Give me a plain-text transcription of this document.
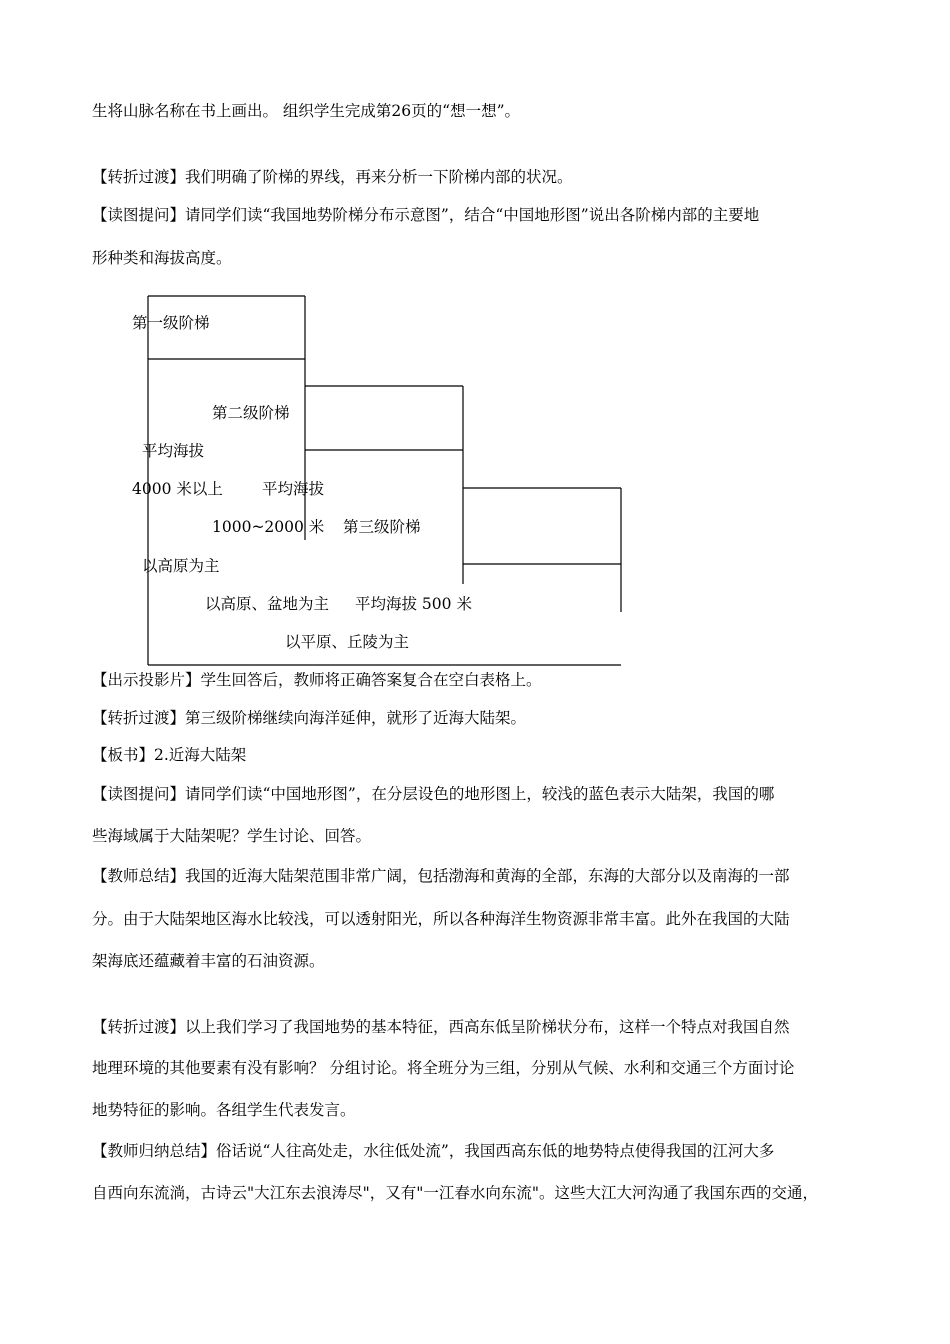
生将山脉名称在书上画出。 组织学生完成第26页的“想一想”。
【转折过渡】我们明确了阶梯的界线，再来分析一下阶梯内部的状况。
【读图提问】请同学们读“我国地势阶梯分布示意图”，结合“中国地形图”说出各阶梯内部的主要地
形种类和海拔高度。
第一级阶梯
第二级阶梯
平均海拔
4000 米以上	平均海拔
1000~2000 米 第三级阶梯
以高原为主
以高原、盆地为主 平均海拔 500 米
以平原、丘陵为主
【出示投影片】学生回答后，教师将正确答案复合在空白表格上。
【转折过渡】第三级阶梯继续向海洋延伸，就形了近海大陆架。
【板书】2.近海大陆架
【读图提问】请同学们读“中国地形图”，在分层设色的地形图上，较浅的蓝色表示大陆架，我国的哪
些海域属于大陆架呢？学生讨论、回答。
【教师总结】我国的近海大陆架范围非常广阔，包括渤海和黄海的全部，东海的大部分以及南海的一部
分。由于大陆架地区海水比较浅，可以透射阳光，所以各种海洋生物资源非常丰富。此外在我国的大陆
架海底还蕴藏着丰富的石油资源。
【转折过渡】以上我们学习了我国地势的基本特征，西高东低呈阶梯状分布，这样一个特点对我国自然
地理环境的其他要素有没有影响？ 分组讨论。将全班分为三组，分别从气候、水利和交通三个方面讨论
地势特征的影响。各组学生代表发言。
【教师归纳总结】俗话说“人往高处走，水往低处流”，我国西高东低的地势特点使得我国的江河大多
自西向东流淌，古诗云"大江东去浪涛尽"，又有"一江春水向东流"。这些大江大河沟通了我国东西的交通，
